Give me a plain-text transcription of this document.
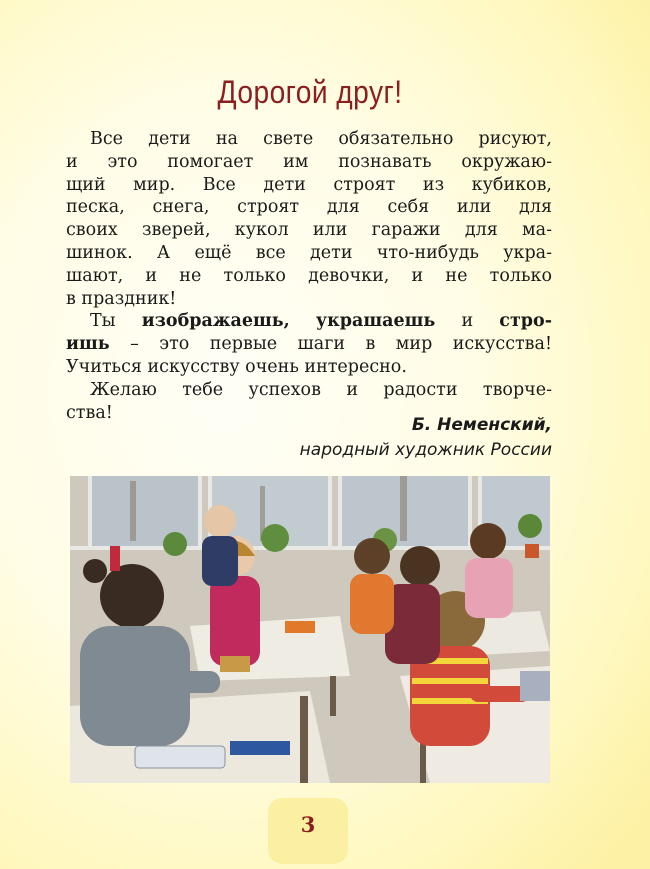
Дорогой друг!
Все дети на свете обязательно рисуют,
и это помогает им познавать окружаю-
щий мир. Все дети строят из кубиков,
песка, снега, строят для себя или для
своих зверей, кукол или гаражи для ма-
шинок. А ещё все дети что-нибудь укра-
шают, и не только девочки, и не только
в праздник!
Ты изображаешь, украшаешь и стро-
ишь – это первые шаги в мир искусства!
Учиться искусству очень интересно.
Желаю тебе успехов и радости творче-
ства!
Б. Неменский,
народный художник России
3
